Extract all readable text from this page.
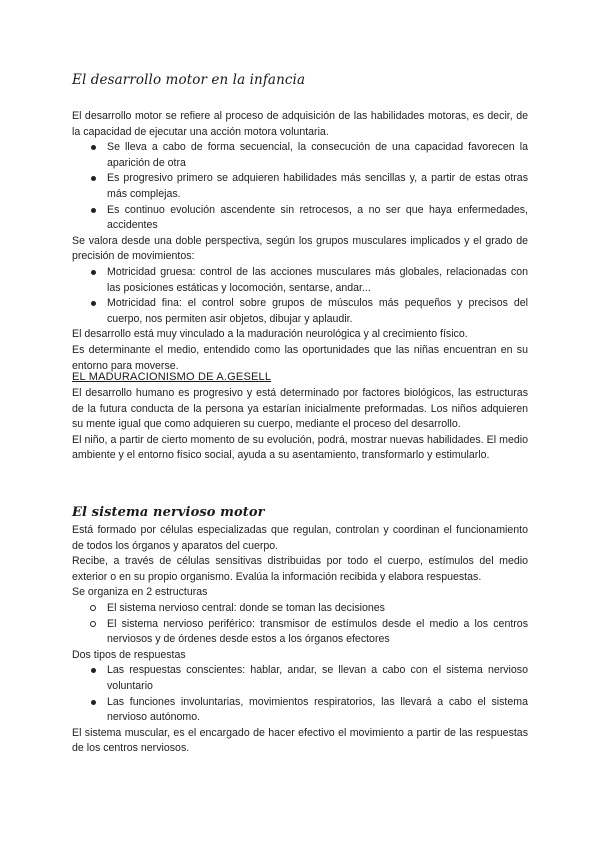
El desarrollo motor en la infancia

El desarrollo motor se refiere al proceso de adquisición de las habilidades motoras, es decir, de la capacidad de ejecutar una acción motora voluntaria.

Se lleva a cabo de forma secuencial, la consecución de una capacidad favorecen la aparición de otra
Es progresivo primero se adquieren habilidades más sencillas y, a partir de estas otras más complejas.
Es continuo evolución ascendente sin retrocesos, a no ser que haya enfermedades, accidentes

Se valora desde una doble perspectiva, según los grupos musculares implicados y el grado de precisión de movimientos:

Motricidad gruesa: control de las acciones musculares más globales, relacionadas con las posiciones estáticas y locomoción, sentarse, andar...
Motricidad fina: el control sobre grupos de músculos más pequeños y precisos del cuerpo, nos permiten asir objetos, dibujar y aplaudir.

El desarrollo está muy vinculado a la maduración neurológica y al crecimiento físico.

Es determinante el medio, entendido como las oportunidades que las niñas encuentran en su entorno para moverse.

EL MADURACIONISMO DE A.GESELL

El desarrollo humano es progresivo y está determinado por factores biológicos, las estructuras de la futura conducta de la persona ya estarían inicialmente preformadas. Los niños adquieren su mente igual que como adquieren su cuerpo, mediante el proceso del desarrollo.

El niño, a partir de cierto momento de su evolución, podrá, mostrar nuevas habilidades. El medio ambiente y el entorno físico social, ayuda a su asentamiento, transformarlo y estimularlo.

El sistema nervioso motor

Está formado por células especializadas que regulan, controlan y coordinan el funcionamiento de todos los órganos y aparatos del cuerpo.

Recibe, a través de células sensitivas distribuidas por todo el cuerpo, estímulos del medio exterior o en su propio organismo. Evalúa la información recibida y elabora respuestas.

Se organiza en 2 estructuras

El sistema nervioso central: donde se toman las decisiones
El sistema nervioso periférico: transmisor de estímulos desde el medio a los centros nerviosos y de órdenes desde estos a los órganos efectores

Dos tipos de respuestas

Las respuestas conscientes: hablar, andar, se llevan a cabo con el sistema nervioso voluntario
Las funciones involuntarias, movimientos respiratorios, las llevará a cabo el sistema nervioso autónomo.

El sistema muscular, es el encargado de hacer efectivo el movimiento a partir de las respuestas de los centros nerviosos.
